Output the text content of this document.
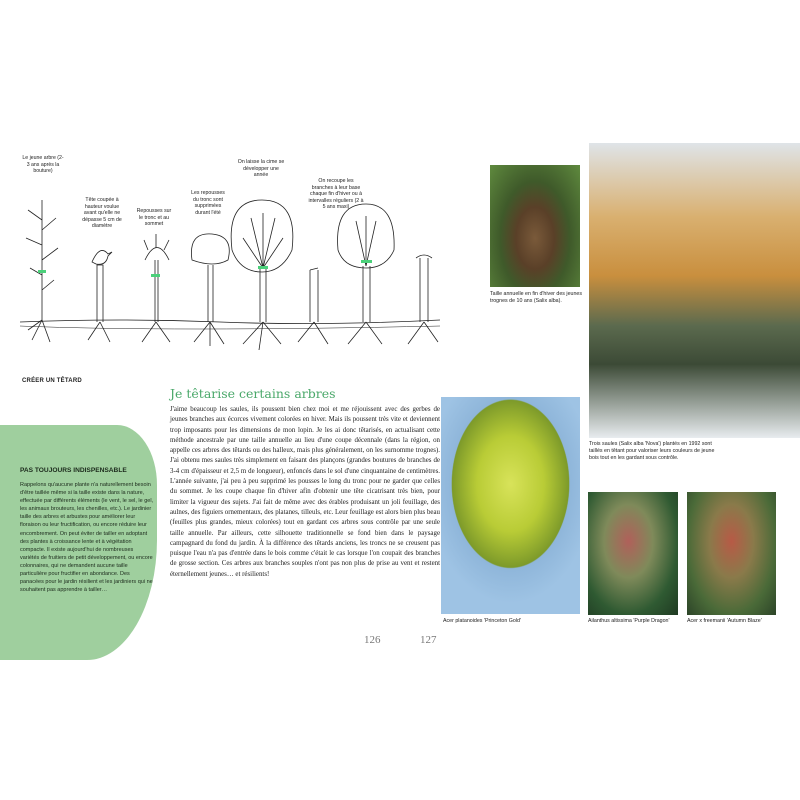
Le jeune arbre (2-3 ans après la bouture)
Tête coupée à hauteur voulue avant qu'elle ne dépasse 5 cm de diamètre
Repousses sur le tronc et au sommet
Les repousses du tronc sont supprimées durant l'été
On laisse la cime se développer une année
On recoupe les branches à leur base chaque fin d'hiver ou à intervalles réguliers (2 à 5 ans maxi)
CRÉER UN TÊTARD
PAS TOUJOURS INDISPENSABLE

Rappelons qu'aucune plante n'a naturellement besoin d'être taillée même si la taille existe dans la nature, effectuée par différents éléments (le vent, le sel, le gel, les animaux brouteurs, les chenilles, etc.). Le jardinier taille des arbres et arbustes pour améliorer leur floraison ou leur fructification, ou encore réduire leur encombrement. On peut éviter de tailler en adoptant des plantes à croissance lente et à végétation compacte. Il existe aujourd'hui de nombreuses variétés de fruitiers de petit développement, ou encore colonnaires, qui ne demandent aucune taille particulière pour fructifier en abondance. Des panacées pour le jardin résilient et les jardiniers qui ne souhaitent pas apprendre à tailler…

Je têtarise certains arbres
J'aime beaucoup les saules, ils poussent bien chez moi et me réjouissent avec des gerbes de jeunes branches aux écorces vivement colorées en hiver. Mais ils poussent très vite et deviennent trop imposants pour les dimensions de mon lopin. Je les ai donc têtarisés, en actualisant cette méthode ancestrale par une taille annuelle au lieu d'une coupe décennale (dans la région, on appelle ces arbres des têtards ou des halleux, mais plus généralement, on les surnomme trognes). J'ai obtenu mes saules très simplement en faisant des plançons (grandes boutures de branches de 3-4 cm d'épaisseur et 2,5 m de longueur), enfoncés dans le sol d'une cinquantaine de centimètres. L'année suivante, j'ai peu à peu supprimé les pousses le long du tronc pour ne garder que celles du sommet. Je les coupe chaque fin d'hiver afin d'obtenir une tête cicatrisant très bien, pour limiter la vigueur des sujets. J'ai fait de même avec des érables produisant un joli feuillage, des aulnes, des figuiers ornementaux, des platanes, tilleuls, etc. Leur feuillage est alors bien plus beau (feuilles plus grandes, mieux colorées) tout en gardant ces arbres sous contrôle par une seule taille annuelle. Par ailleurs, cette silhouette traditionnelle se fond bien dans le paysage campagnard du fond du jardin. À la différence des têtards anciens, les troncs ne se creusent pas puisque l'eau n'a pas d'entrée dans le bois comme c'était le cas lorsque l'on coupait des branches de grosse section. Ces arbres aux branches souples n'ont pas non plus de prise au vent et restent éternellement jeunes… et résilients!
126	127
Taille annuelle en fin d'hiver des jeunes trognes de 10 ans (Salix alba).
Trois saules (Salix alba 'Nova') plantés en 1992 sont taillés en têtant pour valoriser leurs couleurs de jeune bois tout en les gardant sous contrôle.
Acer platanoides 'Princeton Gold'	Ailanthus altissima 'Purple Dragon'	Acer x freemanii 'Autumn Blaze'
